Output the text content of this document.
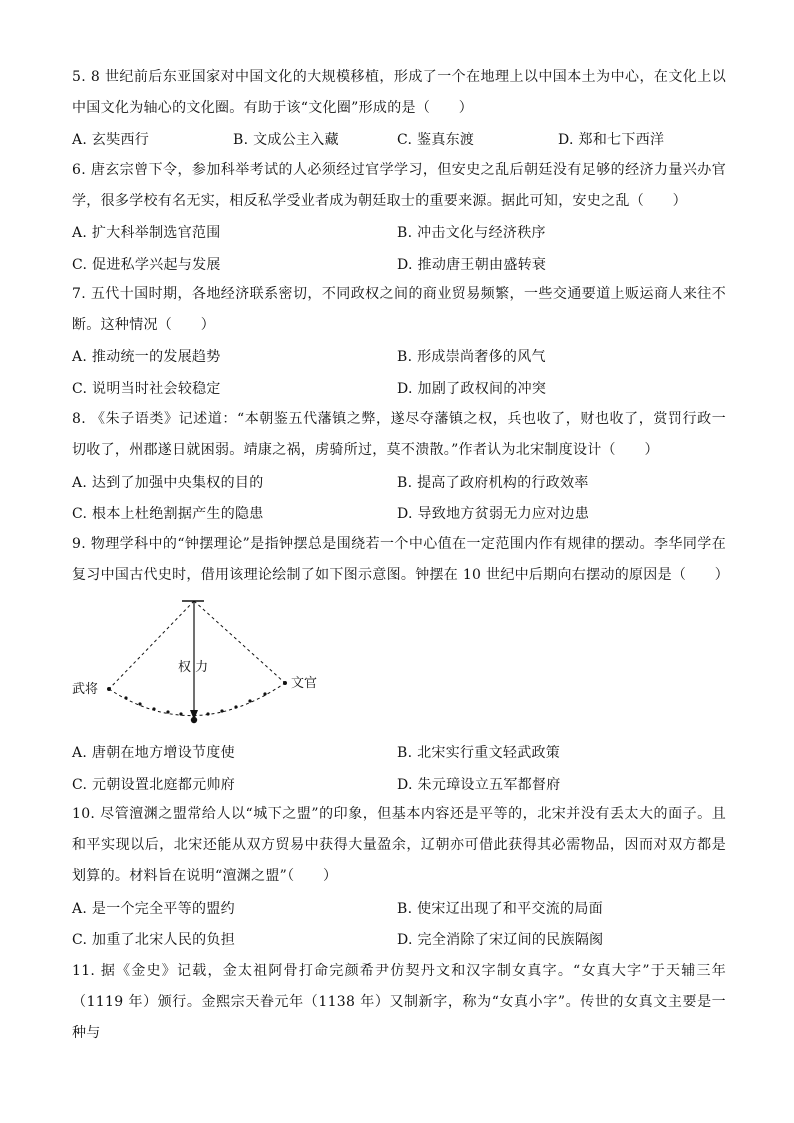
5. 8 世纪前后东亚国家对中国文化的大规模移植，形成了一个在地理上以中国本土为中心，在文化上以中国文化为轴心的文化圈。有助于该“文化圈”形成的是（　　）
A. 玄奘西行	B. 文成公主入藏	C. 鉴真东渡	D. 郑和七下西洋
6. 唐玄宗曾下令，参加科举考试的人必须经过官学学习，但安史之乱后朝廷没有足够的经济力量兴办官学，很多学校有名无实，相反私学受业者成为朝廷取士的重要来源。据此可知，安史之乱（　　）
A. 扩大科举制选官范围	B. 冲击文化与经济秩序
C. 促进私学兴起与发展	D. 推动唐王朝由盛转衰
7. 五代十国时期，各地经济联系密切，不同政权之间的商业贸易频繁，一些交通要道上贩运商人来往不断。这种情况（　　）
A. 推动统一的发展趋势	B. 形成崇尚奢侈的风气
C. 说明当时社会较稳定	D. 加剧了政权间的冲突
8. 《朱子语类》记述道：“本朝鉴五代藩镇之弊，遂尽夺藩镇之权，兵也收了，财也收了，赏罚行政一切收了，州郡遂日就困弱。靖康之祸，虏骑所过，莫不溃散。”作者认为北宋制度设计（　　）
A. 达到了加强中央集权的目的	B. 提高了政府机构的行政效率
C. 根本上杜绝割据产生的隐患	D. 导致地方贫弱无力应对边患
9. 物理学科中的“钟摆理论”是指钟摆总是围绕若一个中心值在一定范围内作有规律的摆动。李华同学在复习中国古代史时，借用该理论绘制了如下图示意图。钟摆在 10 世纪中后期向右摆动的原因是（　　）
武将
权 力
文官
A. 唐朝在地方增设节度使	B. 北宋实行重文轻武政策
C. 元朝设置北庭都元帅府	D. 朱元璋设立五军都督府
10. 尽管澶渊之盟常给人以“城下之盟”的印象，但基本内容还是平等的，北宋并没有丢太大的面子。且和平实现以后，北宋还能从双方贸易中获得大量盈余，辽朝亦可借此获得其必需物品，因而对双方都是划算的。材料旨在说明“澶渊之盟”（　　）
A. 是一个完全平等的盟约	B. 使宋辽出现了和平交流的局面
C. 加重了北宋人民的负担	D. 完全消除了宋辽间的民族隔阂
11. 据《金史》记载，金太祖阿骨打命完颜希尹仿契丹文和汉字制女真字。“女真大字”于天辅三年（1119 年）颁行。金熙宗天眷元年（1138 年）又制新字，称为“女真小字”。传世的女真文主要是一种与
